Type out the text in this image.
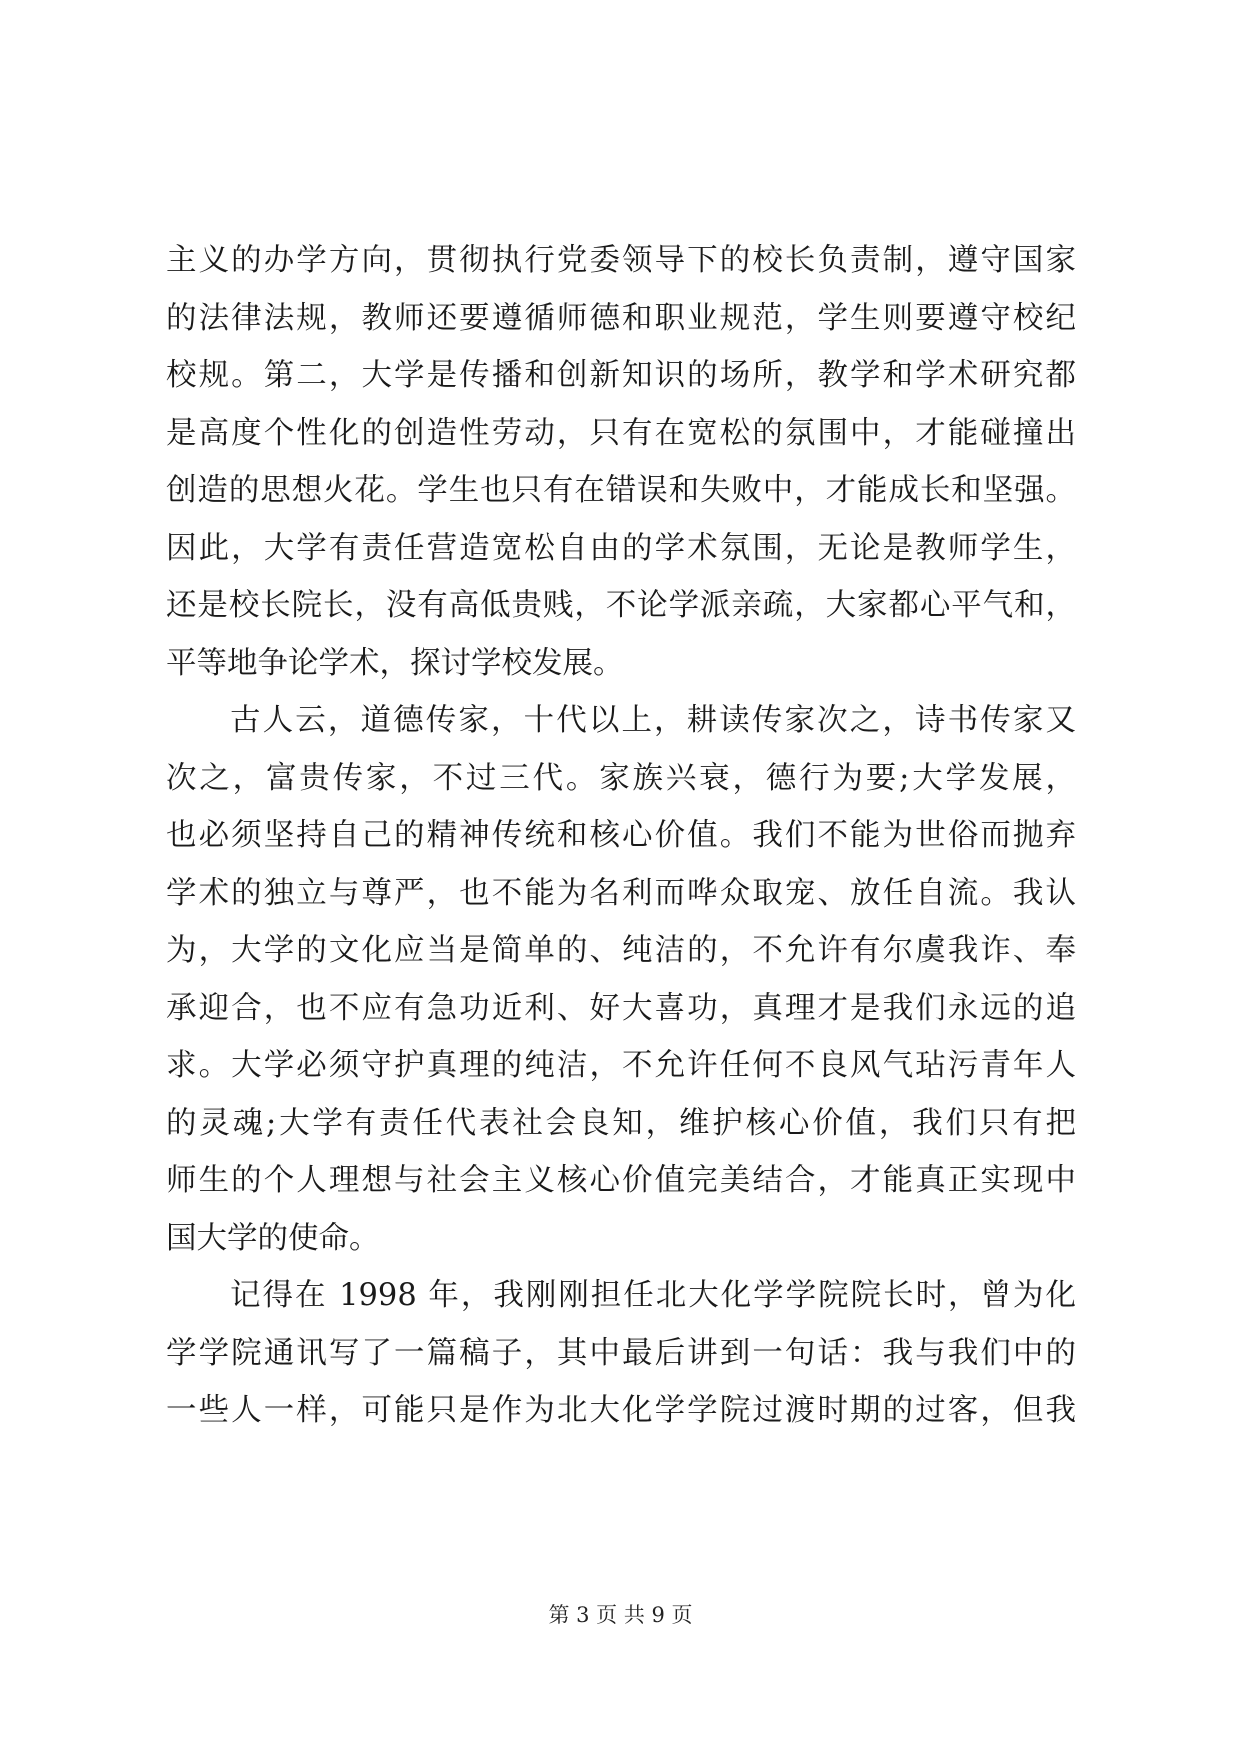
主义的办学方向，贯彻执行党委领导下的校长负责制，遵守国家
的法律法规，教师还要遵循师德和职业规范，学生则要遵守校纪
校规。第二，大学是传播和创新知识的场所，教学和学术研究都
是高度个性化的创造性劳动，只有在宽松的氛围中，才能碰撞出
创造的思想火花。学生也只有在错误和失败中，才能成长和坚强。
因此，大学有责任营造宽松自由的学术氛围，无论是教师学生，
还是校长院长，没有高低贵贱，不论学派亲疏，大家都心平气和，
平等地争论学术，探讨学校发展。
古人云，道德传家，十代以上，耕读传家次之，诗书传家又
次之，富贵传家，不过三代。家族兴衰，德行为要;大学发展，
也必须坚持自己的精神传统和核心价值。我们不能为世俗而抛弃
学术的独立与尊严，也不能为名利而哗众取宠、放任自流。我认
为，大学的文化应当是简单的、纯洁的，不允许有尔虞我诈、奉
承迎合，也不应有急功近利、好大喜功，真理才是我们永远的追
求。大学必须守护真理的纯洁，不允许任何不良风气玷污青年人
的灵魂;大学有责任代表社会良知，维护核心价值，我们只有把
师生的个人理想与社会主义核心价值完美结合，才能真正实现中
国大学的使命。
记得在 1998 年，我刚刚担任北大化学学院院长时，曾为化
学学院通讯写了一篇稿子，其中最后讲到一句话：我与我们中的
一些人一样，可能只是作为北大化学学院过渡时期的过客，但我
第 3 页 共 9 页
